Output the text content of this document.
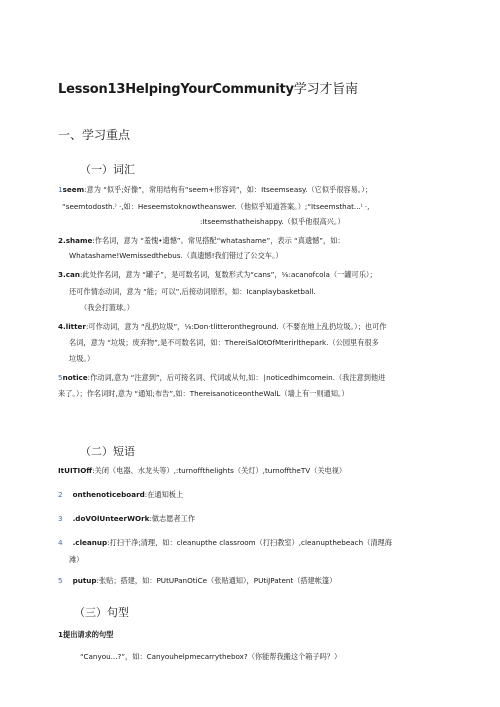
Lesson13HelpingYourCommunity学习才旨南
一、学习重点
（一）词汇
1seem:意为 “似乎;好像”，常用结构有“seem+形容词”，如：Itseemseasy.（它似乎很容易。）；
“seemtodosth.⁾ ·,如：Heseemstoknowtheanswer.（他似乎知道答案。）;“Itseemsthat...⁾ ·,
:Itseemsthatheishappy.（似乎他很高兴。）
2.shame:作名词，意为 “羞愧•遗憾”。常见搭配“whatashame”，表示 “真遗憾”，如：
Whatashame!Wemissedthebus.（真遗憾!我们错过了公交车。）
3.can:此处作名词，意为 “罐子”，是可数名词，复数形式为“cans”，⅛:acanofcola（一罐可乐）；
还可作情态动词，意为 “能；可以”,后接动词原形，如：Icanplaybasketball.
（我会打篮球。）
4.litter:可作动词，意为 “乱扔垃圾”，⅛:Don·tlitterontheground.（不要在地上乱扔垃圾。）；也可作
名词，意为 “垃圾；废弃物”,是不可数名词，如：ThereiSalOtOfMterirlthepark.（公园里有很多
垃圾。）
5notice:作动词,意为 “注意到”，后可接名词、代词或从句,如：∣noticedhimcomein.（我注意到他进
来了。）；作名词时,意为 “通知;布告”,如：ThereisanoticeontheWalL（墙上有一则通知。）
（二）短语
ItUITIOff:关闭（电器、水龙头等）,:turnoffthelights（关灯）,turnofftheTV（关电视）
2 onthenoticeboard:在通知板上
3 .doVOlUnteerWOrk:做志愿者工作
4 .cleanup:打扫干净;清理，如：cleanupthe classroom（打扫教室）,cleanupthebeach（清理海
滩）
5 putup:张贴；搭建，如：PUtUPanOtiCe（张贴通知），PUtiJPatent（搭建帐篷）
（三）句型
1提出请求的句型
“Canyou...?”，如：Canyouhelpmecarrythebox?（你能帮我搬这个箱子吗？）
